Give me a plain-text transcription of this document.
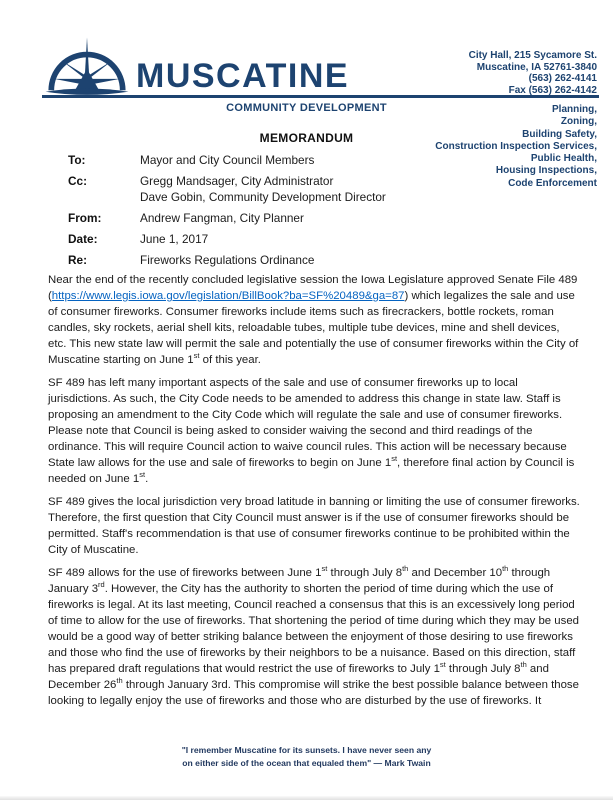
MUSCATINE
City Hall, 215 Sycamore St.
Muscatine, IA 52761-3840
(563) 262-4141
Fax (563) 262-4142
COMMUNITY DEVELOPMENT	Planning,
Zoning,
Building Safety,
Construction Inspection Services,
Public Health,
Housing Inspections,
Code Enforcement
MEMORANDUM
To:	Mayor and City Council Members
Cc:	Gregg Mandsager, City Administrator
Dave Gobin, Community Development Director
From:	Andrew Fangman, City Planner
Date:	June 1, 2017
Re:	Fireworks Regulations Ordinance

Near the end of the recently concluded legislative session the Iowa Legislature approved Senate File 489 (https://www.legis.iowa.gov/legislation/BillBook?ba=SF%20489&ga=87) which legalizes the sale and use of consumer fireworks. Consumer fireworks include items such as firecrackers, bottle rockets, roman candles, sky rockets, aerial shell kits, reloadable tubes, multiple tube devices, mine and shell devices, etc. This new state law will permit the sale and potentially the use of consumer fireworks within the City of Muscatine starting on June 1st of this year.

SF 489 has left many important aspects of the sale and use of consumer fireworks up to local jurisdictions. As such, the City Code needs to be amended to address this change in state law. Staff is proposing an amendment to the City Code which will regulate the sale and use of consumer fireworks. Please note that Council is being asked to consider waiving the second and third readings of the ordinance. This will require Council action to waive council rules. This action will be necessary because State law allows for the use and sale of fireworks to begin on June 1st, therefore final action by Council is needed on June 1st.

SF 489 gives the local jurisdiction very broad latitude in banning or limiting the use of consumer fireworks. Therefore, the first question that City Council must answer is if the use of consumer fireworks should be permitted. Staff's recommendation is that use of consumer fireworks continue to be prohibited within the City of Muscatine.

SF 489 allows for the use of fireworks between June 1st through July 8th and December 10th through January 3rd. However, the City has the authority to shorten the period of time during which the use of fireworks is legal. At its last meeting, Council reached a consensus that this is an excessively long period of time to allow for the use of fireworks. That shortening the period of time during which they may be used would be a good way of better striking balance between the enjoyment of those desiring to use fireworks and those who find the use of fireworks by their neighbors to be a nuisance. Based on this direction, staff has prepared draft regulations that would restrict the use of fireworks to July 1st through July 8th and December 26th through January 3rd. This compromise will strike the best possible balance between those looking to legally enjoy the use of fireworks and those who are disturbed by the use of fireworks. It

"I remember Muscatine for its sunsets. I have never seen any
on either side of the ocean that equaled them" — Mark Twain
